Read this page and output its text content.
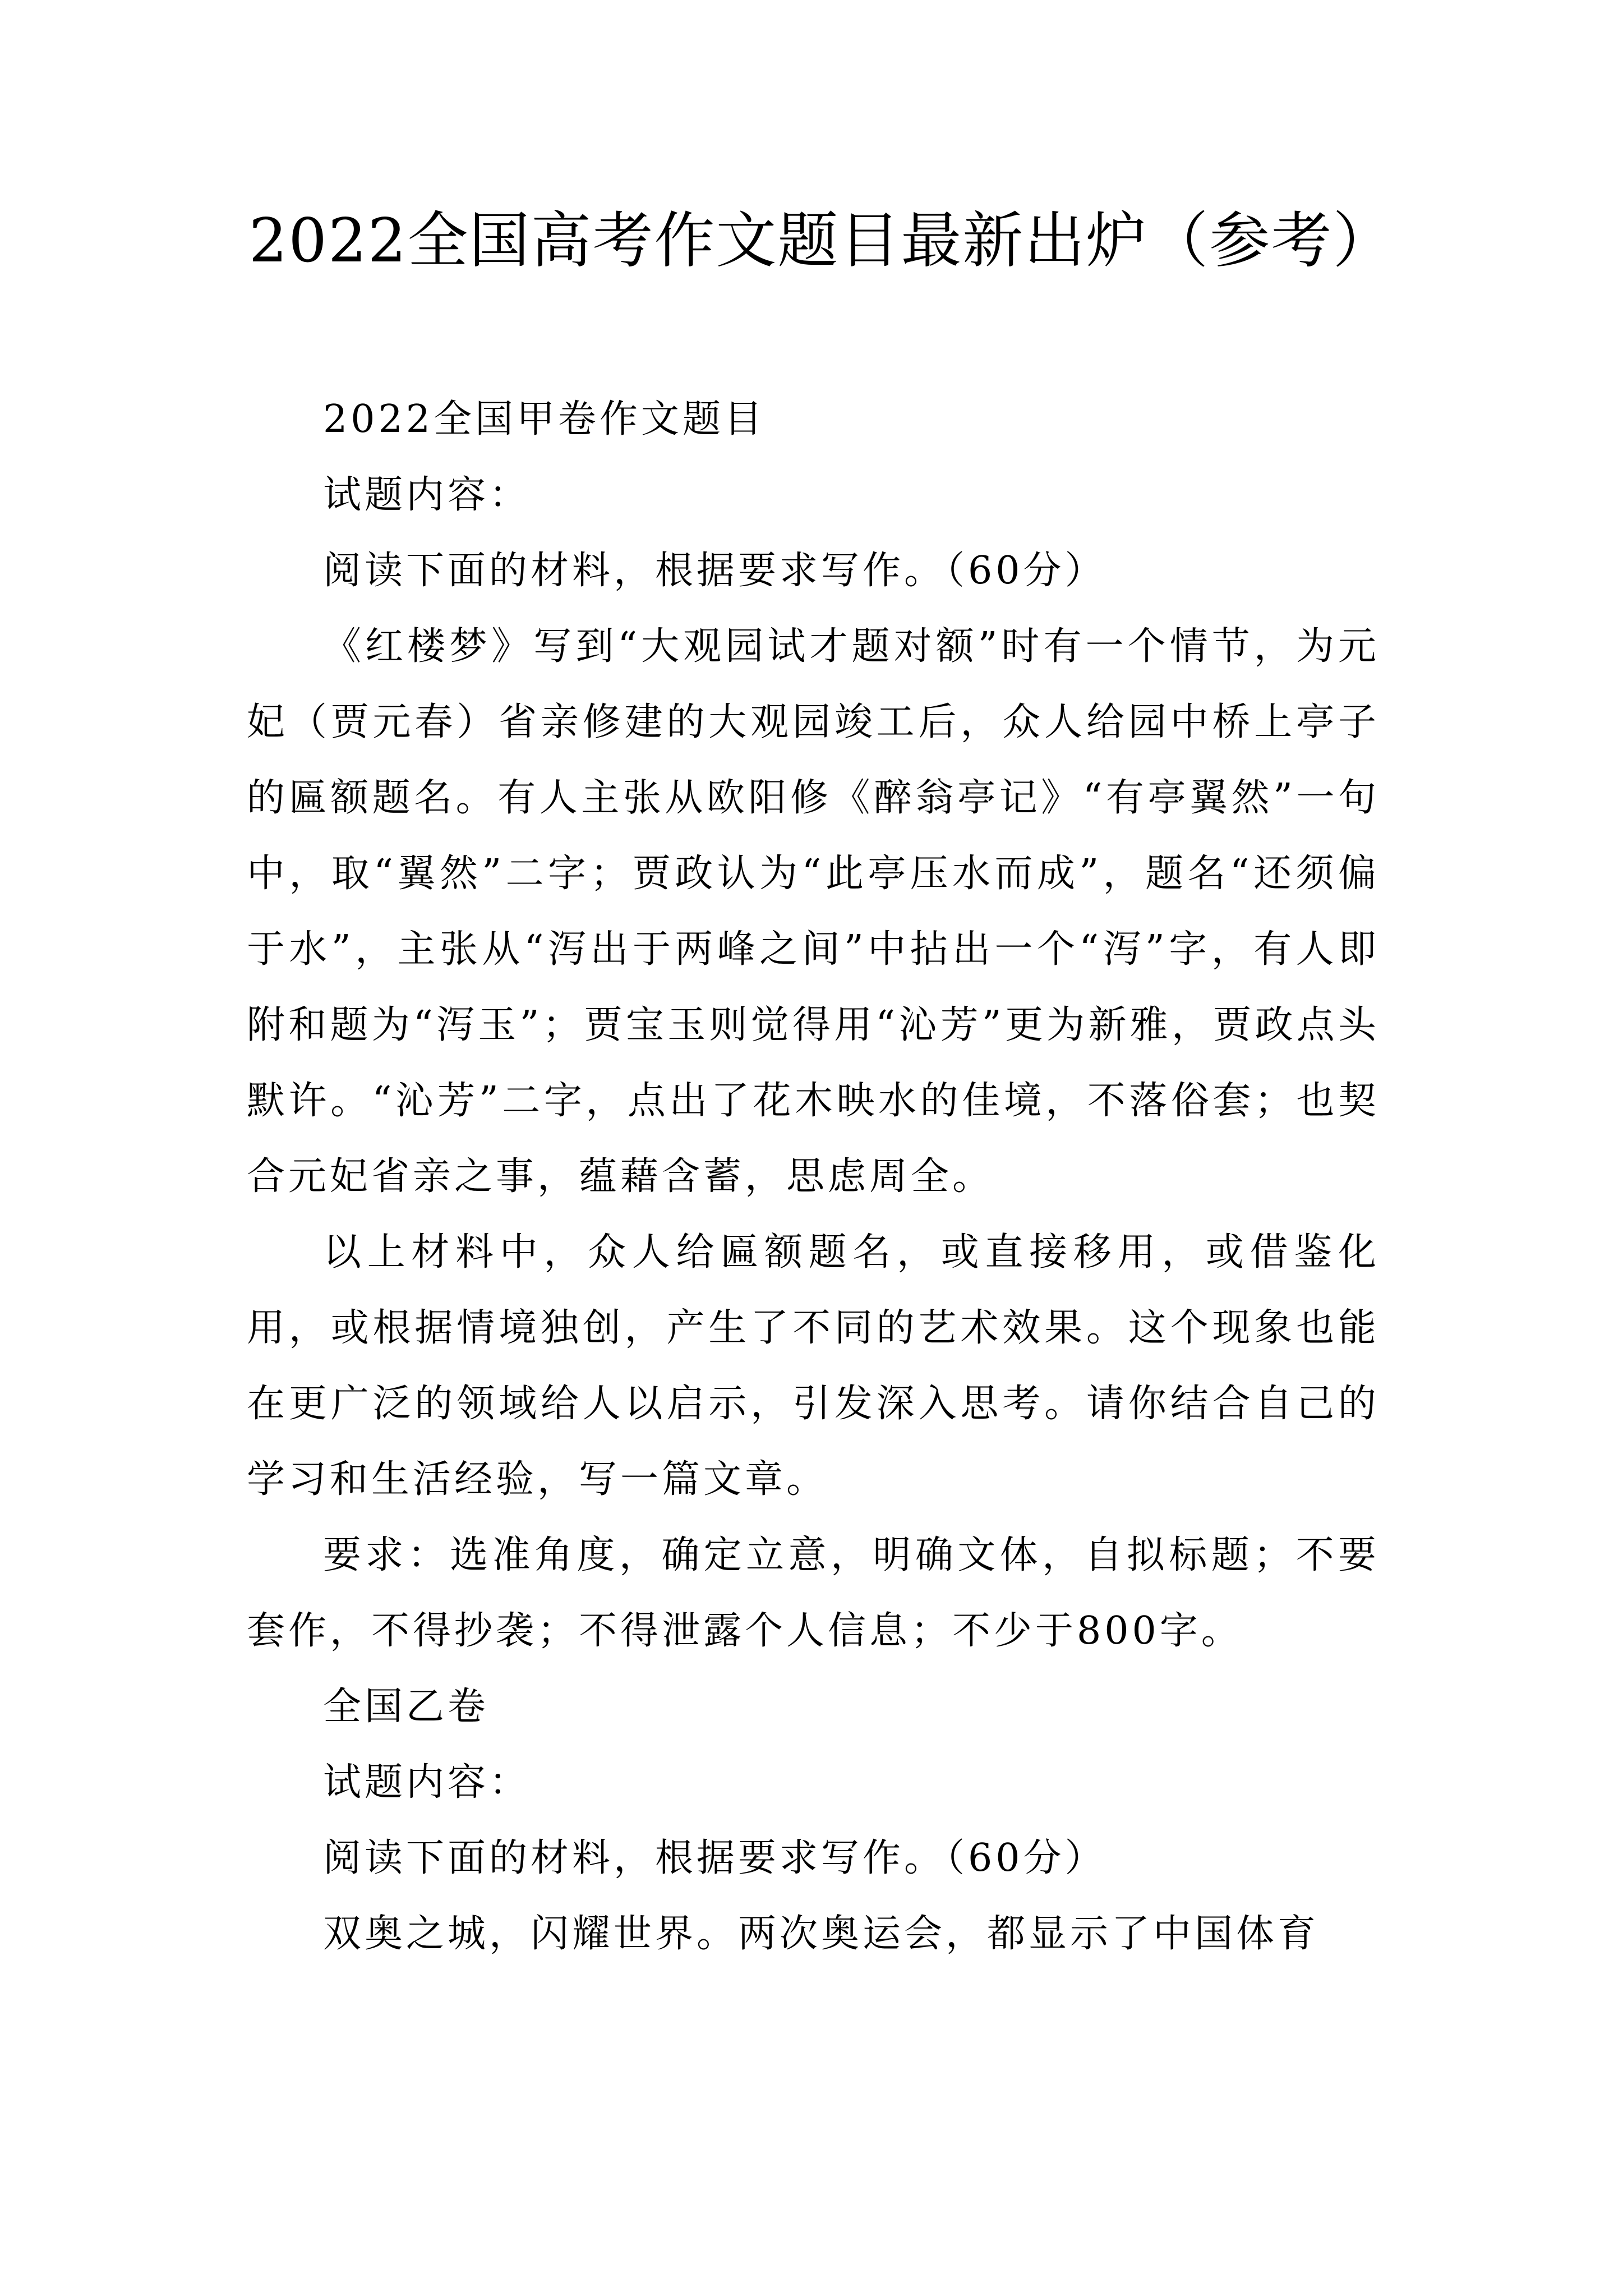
2022全国高考作文题目最新出炉（参考）

2022全国甲卷作文题目

试题内容：

阅读下面的材料，根据要求写作。（60分）

《红楼梦》写到“大观园试才题对额”时有一个情节，为元妃（贾元春）省亲修建的大观园竣工后，众人给园中桥上亭子的匾额题名。有人主张从欧阳修《醉翁亭记》“有亭翼然”一句中，取“翼然”二字；贾政认为“此亭压水而成”，题名“还须偏于水”，主张从“泻出于两峰之间”中拈出一个“泻”字，有人即附和题为“泻玉”；贾宝玉则觉得用“沁芳”更为新雅，贾政点头默许。“沁芳”二字，点出了花木映水的佳境，不落俗套；也契合元妃省亲之事，蕴藉含蓄，思虑周全。

以上材料中，众人给匾额题名，或直接移用，或借鉴化用，或根据情境独创，产生了不同的艺术效果。这个现象也能在更广泛的领域给人以启示，引发深入思考。请你结合自己的学习和生活经验，写一篇文章。

要求：选准角度，确定立意，明确文体，自拟标题；不要套作，不得抄袭；不得泄露个人信息；不少于800字。

全国乙卷

试题内容：

阅读下面的材料，根据要求写作。（60分）

双奥之城，闪耀世界。两次奥运会，都显示了中国体育
